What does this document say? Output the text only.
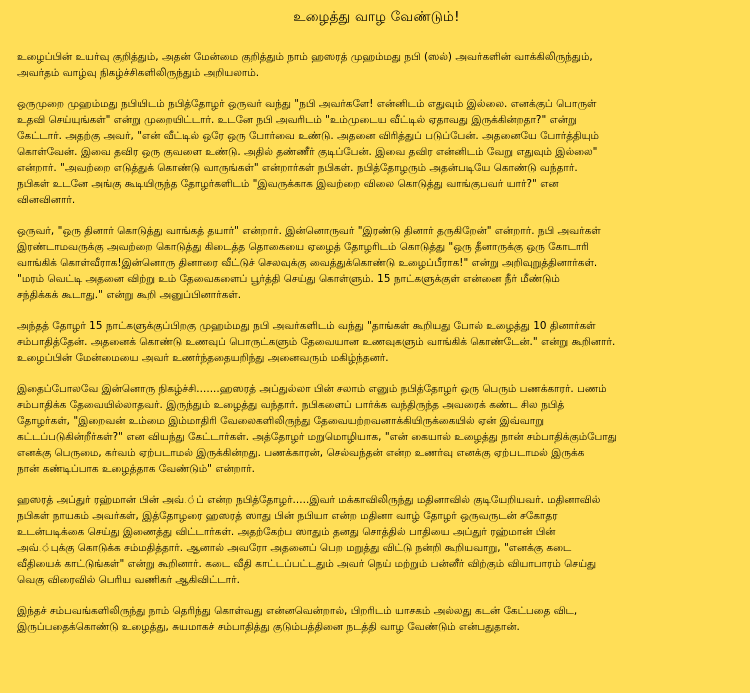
உழைத்து வாழ வேண்டும்!
உழைப்பின் உயர்வு குறித்தும், அதன் மேன்மை குறித்தும் நாம் ஹஸரத் முஹம்மது நபி (ஸல்) அவர்களின் வாக்கிலிருந்தும்,
அவர்தம் வாழ்வு நிகழ்ச்சிகளிலிருந்தும் அறியலாம்.
ஒருமுறை முஹம்மது நபியிடம் நபித்தோழர் ஒருவர் வந்து "நபி அவர்களே! என்னிடம் எதுவும் இல்லை. எனக்குப் பொருள்
உதவி செய்யுங்கள்" என்று முறையிட்டார். உடனே நபி அவரிடம் "உம்முடைய வீட்டில் ஏதாவது இருக்கின்றதா?" என்று
கேட்டார். அதற்கு அவர், "என் வீட்டில் ஒரே ஒரு போர்வை உண்டு. அதனை விரித்துப் படுப்பேன். அதனையே போர்த்தியும்
கொள்வேன். இவை தவிர ஒரு குவளை உண்டு. அதில் தண்ணீர் குடிப்பேன். இவை தவிர என்னிடம் வேறு எதுவும் இல்லை"
என்றார். "அவற்றை எடுத்துக் கொண்டு வாருங்கள்" என்றார்கள் நபிகள். நபித்தோழரும் அதன்படியே கொண்டு வந்தார்.
நபிகள் உடனே அங்கு கூடியிருந்த தோழர்களிடம் "இவருக்காக இவற்றை விலை கொடுத்து வாங்குபவர் யார்?" என
வினவினார்.
ஒருவர், "ஒரு தினார் கொடுத்து வாங்கத் தயார்" என்றார். இன்னொருவர் "இரண்டு தினார் தருகிறேன்" என்றார். நபி அவர்கள்
இரண்டாமவருக்கு அவற்றை கொடுத்து கிடைத்த தொகையை ஏழைத் தோழரிடம் கொடுத்து "ஒரு தீனாருக்கு ஒரு கோடாரி
வாங்கிக் கொள்வீராக!இன்னொரு தினாரை வீட்டுச் செலவுக்கு வைத்துக்கொண்டு உழைப்பீராக!" என்று அறிவுறுத்தினார்கள்.
"மரம் வெட்டி அதனை விற்று உம் தேவைகளைப் பூர்த்தி செய்து கொள்ளும். 15 நாட்களுக்குள் என்னை நீர் மீண்டும்
சந்திக்கக் கூடாது." என்று கூறி அனுப்பினார்கள்.
அந்தத் தோழர் 15 நாட்களுக்குப்பிறகு முஹம்மது நபி அவர்களிடம் வந்து "தாங்கள் கூறியது போல் உழைத்து 10 தினார்கள்
சம்பாதித்தேன். அதனைக் கொண்டு உணவுப் பொருட்களும் தேவையான உணவுகளும் வாங்கிக் கொண்டேன்." என்று கூறினார்.
உழைப்பின் மேன்மையை அவர் உணர்ந்ததையறிந்து அனைவரும் மகிழ்ந்தனர்.
இதைப்போலவே இன்னொரு நிகழ்ச்சி.......ஹஸரத் அப்துல்லா பின் சலாம் எனும் நபித்தோழர் ஒரு பெரும் பணக்காரர். பணம்
சம்பாதிக்க தேவையில்லாதவர். இருந்தும் உழைத்து வந்தார். நபிகளைப் பார்க்க வந்திருந்த அவரைக் கண்ட சில நபித்
தோழர்கள், "இறைவன் உம்மை இம்மாதிரி வேலைகளிலிருந்து தேவையற்றவனாக்கியிருக்கையில் ஏன் இவ்வாறு
கட்டப்படுகின்றீர்கள்?" என வியந்து கேட்டார்கள். அத்தோழர் மறுமொழியாக, "என் கையால் உழைத்து நான் சம்பாதிக்கும்போது
எனக்கு பெருமை, கர்வம் ஏற்படாமல் இருக்கின்றது. பணக்காரன், செல்வந்தன் என்ற உணர்வு எனக்கு ஏற்படாமல் இருக்க
நான் கண்டிப்பாக உழைத்தாக வேண்டும்" என்றார்.
ஹஸரத் அப்துர் ரஹ்மான் பின் அவ்.்ப் என்ற நபித்தோழர்.....இவர் மக்காவிலிருந்து மதினாவில் குடியேறியவர். மதினாவில்
நபிகள் நாயகம் அவர்கள், இத்தோழரை ஹஸரத் ஸாது பின் நபியா என்ற மதினா வாழ் தோழர் ஒருவருடன் சகோதர
உடன்படிக்கை செய்து இணைத்து விட்டார்கள். அதற்கேற்ப ஸாதும் தனது சொத்தில் பாதியை அப்துர் ரஹ்மான் பின்
அவ்.்புக்கு கொடுக்க சம்மதித்தார். ஆனால் அவரோ அதனைப் பெற மறுத்து விட்டு நன்றி கூறியவாறு, "எனக்கு கடை
வீதியைக் காட்டுங்கள்" என்று கூறினார். கடை வீதி காட்டப்பட்டதும் அவர் நெய் மற்றும் பன்னீர் விற்கும் வியாபாரம் செய்து
வெகு விரைவில் பெரிய வணிகர் ஆகிவிட்டார்.
இந்தச் சம்பவங்களிலிருந்து நாம் தெரிந்து கொள்வது என்னவென்றால், பிறரிடம் யாசகம் அல்லது கடன் கேட்பதை விட,
இருப்பதைக்கொண்டு உழைத்து, சுயமாகச் சம்பாதித்து குடும்பத்தினை நடத்தி வாழ வேண்டும் என்பதுதான்.
